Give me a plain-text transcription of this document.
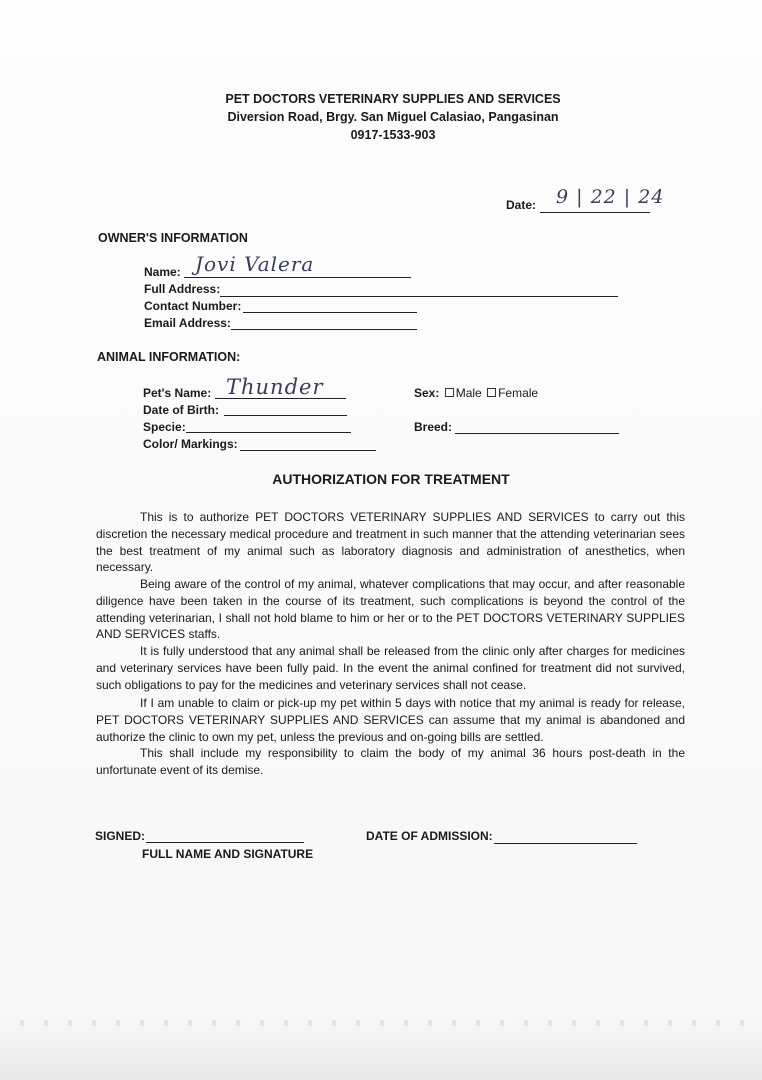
PET DOCTORS VETERINARY SUPPLIES AND SERVICES
Diversion Road, Brgy. San Miguel Calasiao, Pangasinan
0917-1533-903
Date: 9 | 22 | 24
OWNER'S INFORMATION
Name: Jovi Valera
Full Address:
Contact Number:
Email Address:
ANIMAL INFORMATION:
Pet's Name: Thunder
Date of Birth:
Specie:
Color/ Markings:
Sex: Male Female
Breed:
AUTHORIZATION FOR TREATMENT

This is to authorize PET DOCTORS VETERINARY SUPPLIES AND SERVICES to carry out this discretion the necessary medical procedure and treatment in such manner that the attending veterinarian sees the best treatment of my animal such as laboratory diagnosis and administration of anesthetics, when necessary.

Being aware of the control of my animal, whatever complications that may occur, and after reasonable diligence have been taken in the course of its treatment, such complications is beyond the control of the attending veterinarian, I shall not hold blame to him or her or to the PET DOCTORS VETERINARY SUPPLIES AND SERVICES staffs.

It is fully understood that any animal shall be released from the clinic only after charges for medicines and veterinary services have been fully paid. In the event the animal confined for treatment did not survived, such obligations to pay for the medicines and veterinary services shall not cease.

If I am unable to claim or pick-up my pet within 5 days with notice that my animal is ready for release, PET DOCTORS VETERINARY SUPPLIES AND SERVICES can assume that my animal is abandoned and authorize the clinic to own my pet, unless the previous and on-going bills are settled.

This shall include my responsibility to claim the body of my animal 36 hours post-death in the unfortunate event of its demise.

SIGNED:
FULL NAME AND SIGNATURE
DATE OF ADMISSION:
